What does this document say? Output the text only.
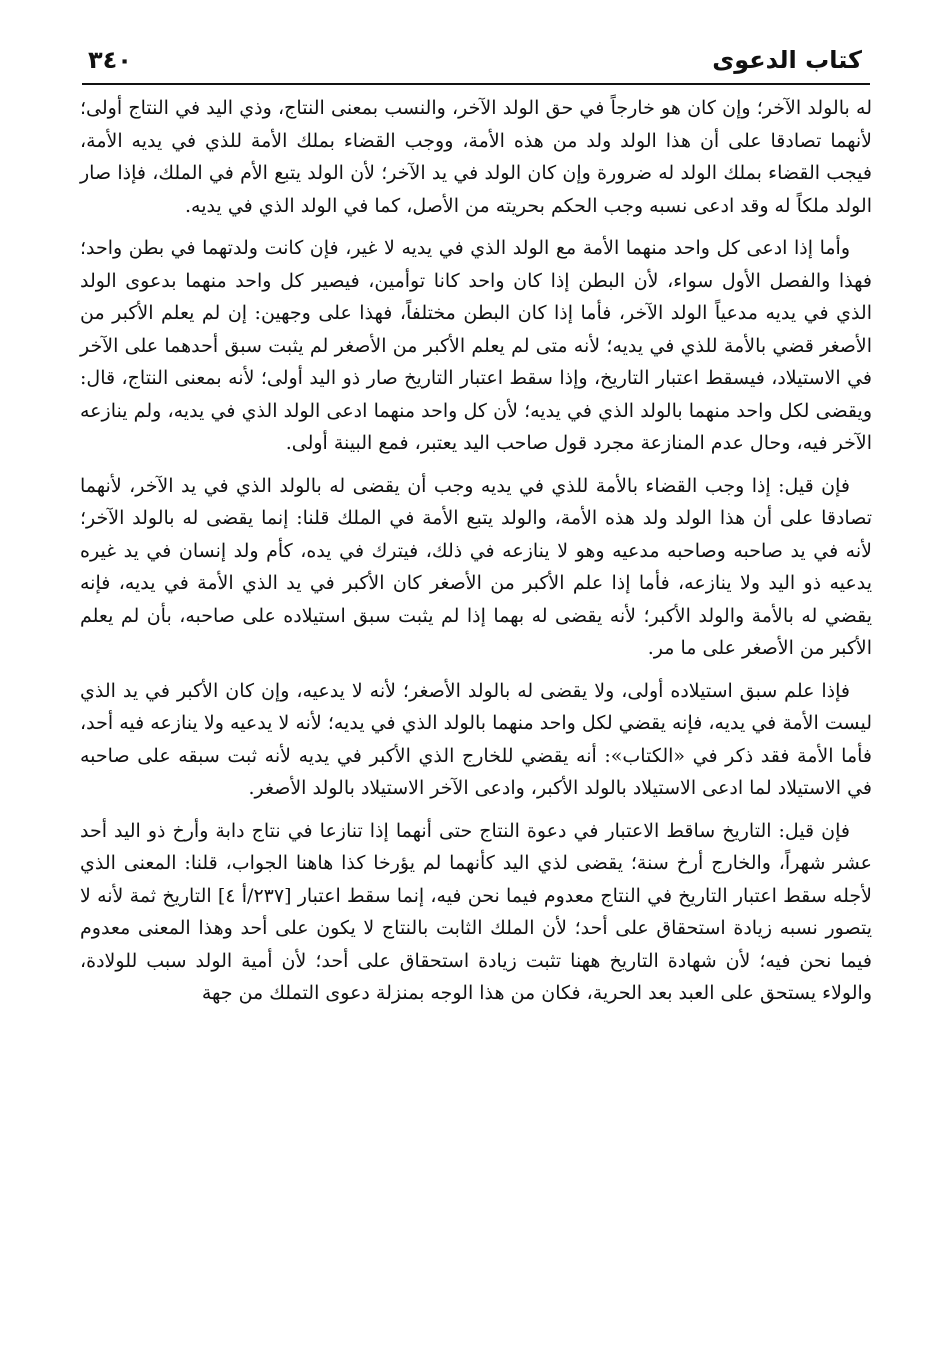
كتاب الدعوى
٣٤٠

له بالولد الآخر؛ وإن كان هو خارجاً في حق الولد الآخر، والنسب بمعنى النتاج، وذي اليد في النتاج أولى؛ لأنهما تصادقا على أن هذا الولد ولد من هذه الأمة، ووجب القضاء بملك الأمة للذي في يديه الأمة، فيجب القضاء بملك الولد له ضرورة وإن كان الولد في يد الآخر؛ لأن الولد يتبع الأم في الملك، فإذا صار الولد ملكاً له وقد ادعى نسبه وجب الحكم بحريته من الأصل، كما في الولد الذي في يديه.

وأما إذا ادعى كل واحد منهما الأمة مع الولد الذي في يديه لا غير، فإن كانت ولدتهما في بطن واحد؛ فهذا والفصل الأول سواء، لأن البطن إذا كان واحد كانا توأمين، فيصير كل واحد منهما بدعوى الولد الذي في يديه مدعياً الولد الآخر، فأما إذا كان البطن مختلفاً، فهذا على وجهين: إن لم يعلم الأكبر من الأصغر قضي بالأمة للذي في يديه؛ لأنه متى لم يعلم الأكبر من الأصغر لم يثبت سبق أحدهما على الآخر في الاستيلاد، فيسقط اعتبار التاريخ، وإذا سقط اعتبار التاريخ صار ذو اليد أولى؛ لأنه بمعنى النتاج، قال: ويقضى لكل واحد منهما بالولد الذي في يديه؛ لأن كل واحد منهما ادعى الولد الذي في يديه، ولم ينازعه الآخر فيه، وحال عدم المنازعة مجرد قول صاحب اليد يعتبر، فمع البينة أولى.

فإن قيل: إذا وجب القضاء بالأمة للذي في يديه وجب أن يقضى له بالولد الذي في يد الآخر، لأنهما تصادقا على أن هذا الولد ولد هذه الأمة، والولد يتبع الأمة في الملك قلنا: إنما يقضى له بالولد الآخر؛ لأنه في يد صاحبه وصاحبه مدعيه وهو لا ينازعه في ذلك، فيترك في يده، كأم ولد إنسان في يد غيره يدعيه ذو اليد ولا ينازعه، فأما إذا علم الأكبر من الأصغر كان الأكبر في يد الذي الأمة في يديه، فإنه يقضي له بالأمة والولد الأكبر؛ لأنه يقضى له بهما إذا لم يثبت سبق استيلاده على صاحبه، بأن لم يعلم الأكبر من الأصغر على ما مر.

فإذا علم سبق استيلاده أولى، ولا يقضى له بالولد الأصغر؛ لأنه لا يدعيه، وإن كان الأكبر في يد الذي ليست الأمة في يديه، فإنه يقضي لكل واحد منهما بالولد الذي في يديه؛ لأنه لا يدعيه ولا ينازعه فيه أحد، فأما الأمة فقد ذكر في «الكتاب»: أنه يقضي للخارج الذي الأكبر في يديه لأنه ثبت سبقه على صاحبه في الاستيلاد لما ادعى الاستيلاد بالولد الأكبر، وادعى الآخر الاستيلاد بالولد الأصغر.

فإن قيل: التاريخ ساقط الاعتبار في دعوة النتاج حتى أنهما إذا تنازعا في نتاج دابة وأرخ ذو اليد أحد عشر شهراً، والخارج أرخ سنة؛ يقضى لذي اليد كأنهما لم يؤرخا كذا هاهنا الجواب، قلنا: المعنى الذي لأجله سقط اعتبار التاريخ في النتاج معدوم فيما نحن فيه، إنما سقط اعتبار [٢٣٧/أ ٤] التاريخ ثمة لأنه لا يتصور نسبه زيادة استحقاق على أحد؛ لأن الملك الثابت بالنتاج لا يكون على أحد وهذا المعنى معدوم فيما نحن فيه؛ لأن شهادة التاريخ ههنا تثبت زيادة استحقاق على أحد؛ لأن أمية الولد سبب للولادة، والولاء يستحق على العبد بعد الحرية، فكان من هذا الوجه بمنزلة دعوى التملك من جهة
